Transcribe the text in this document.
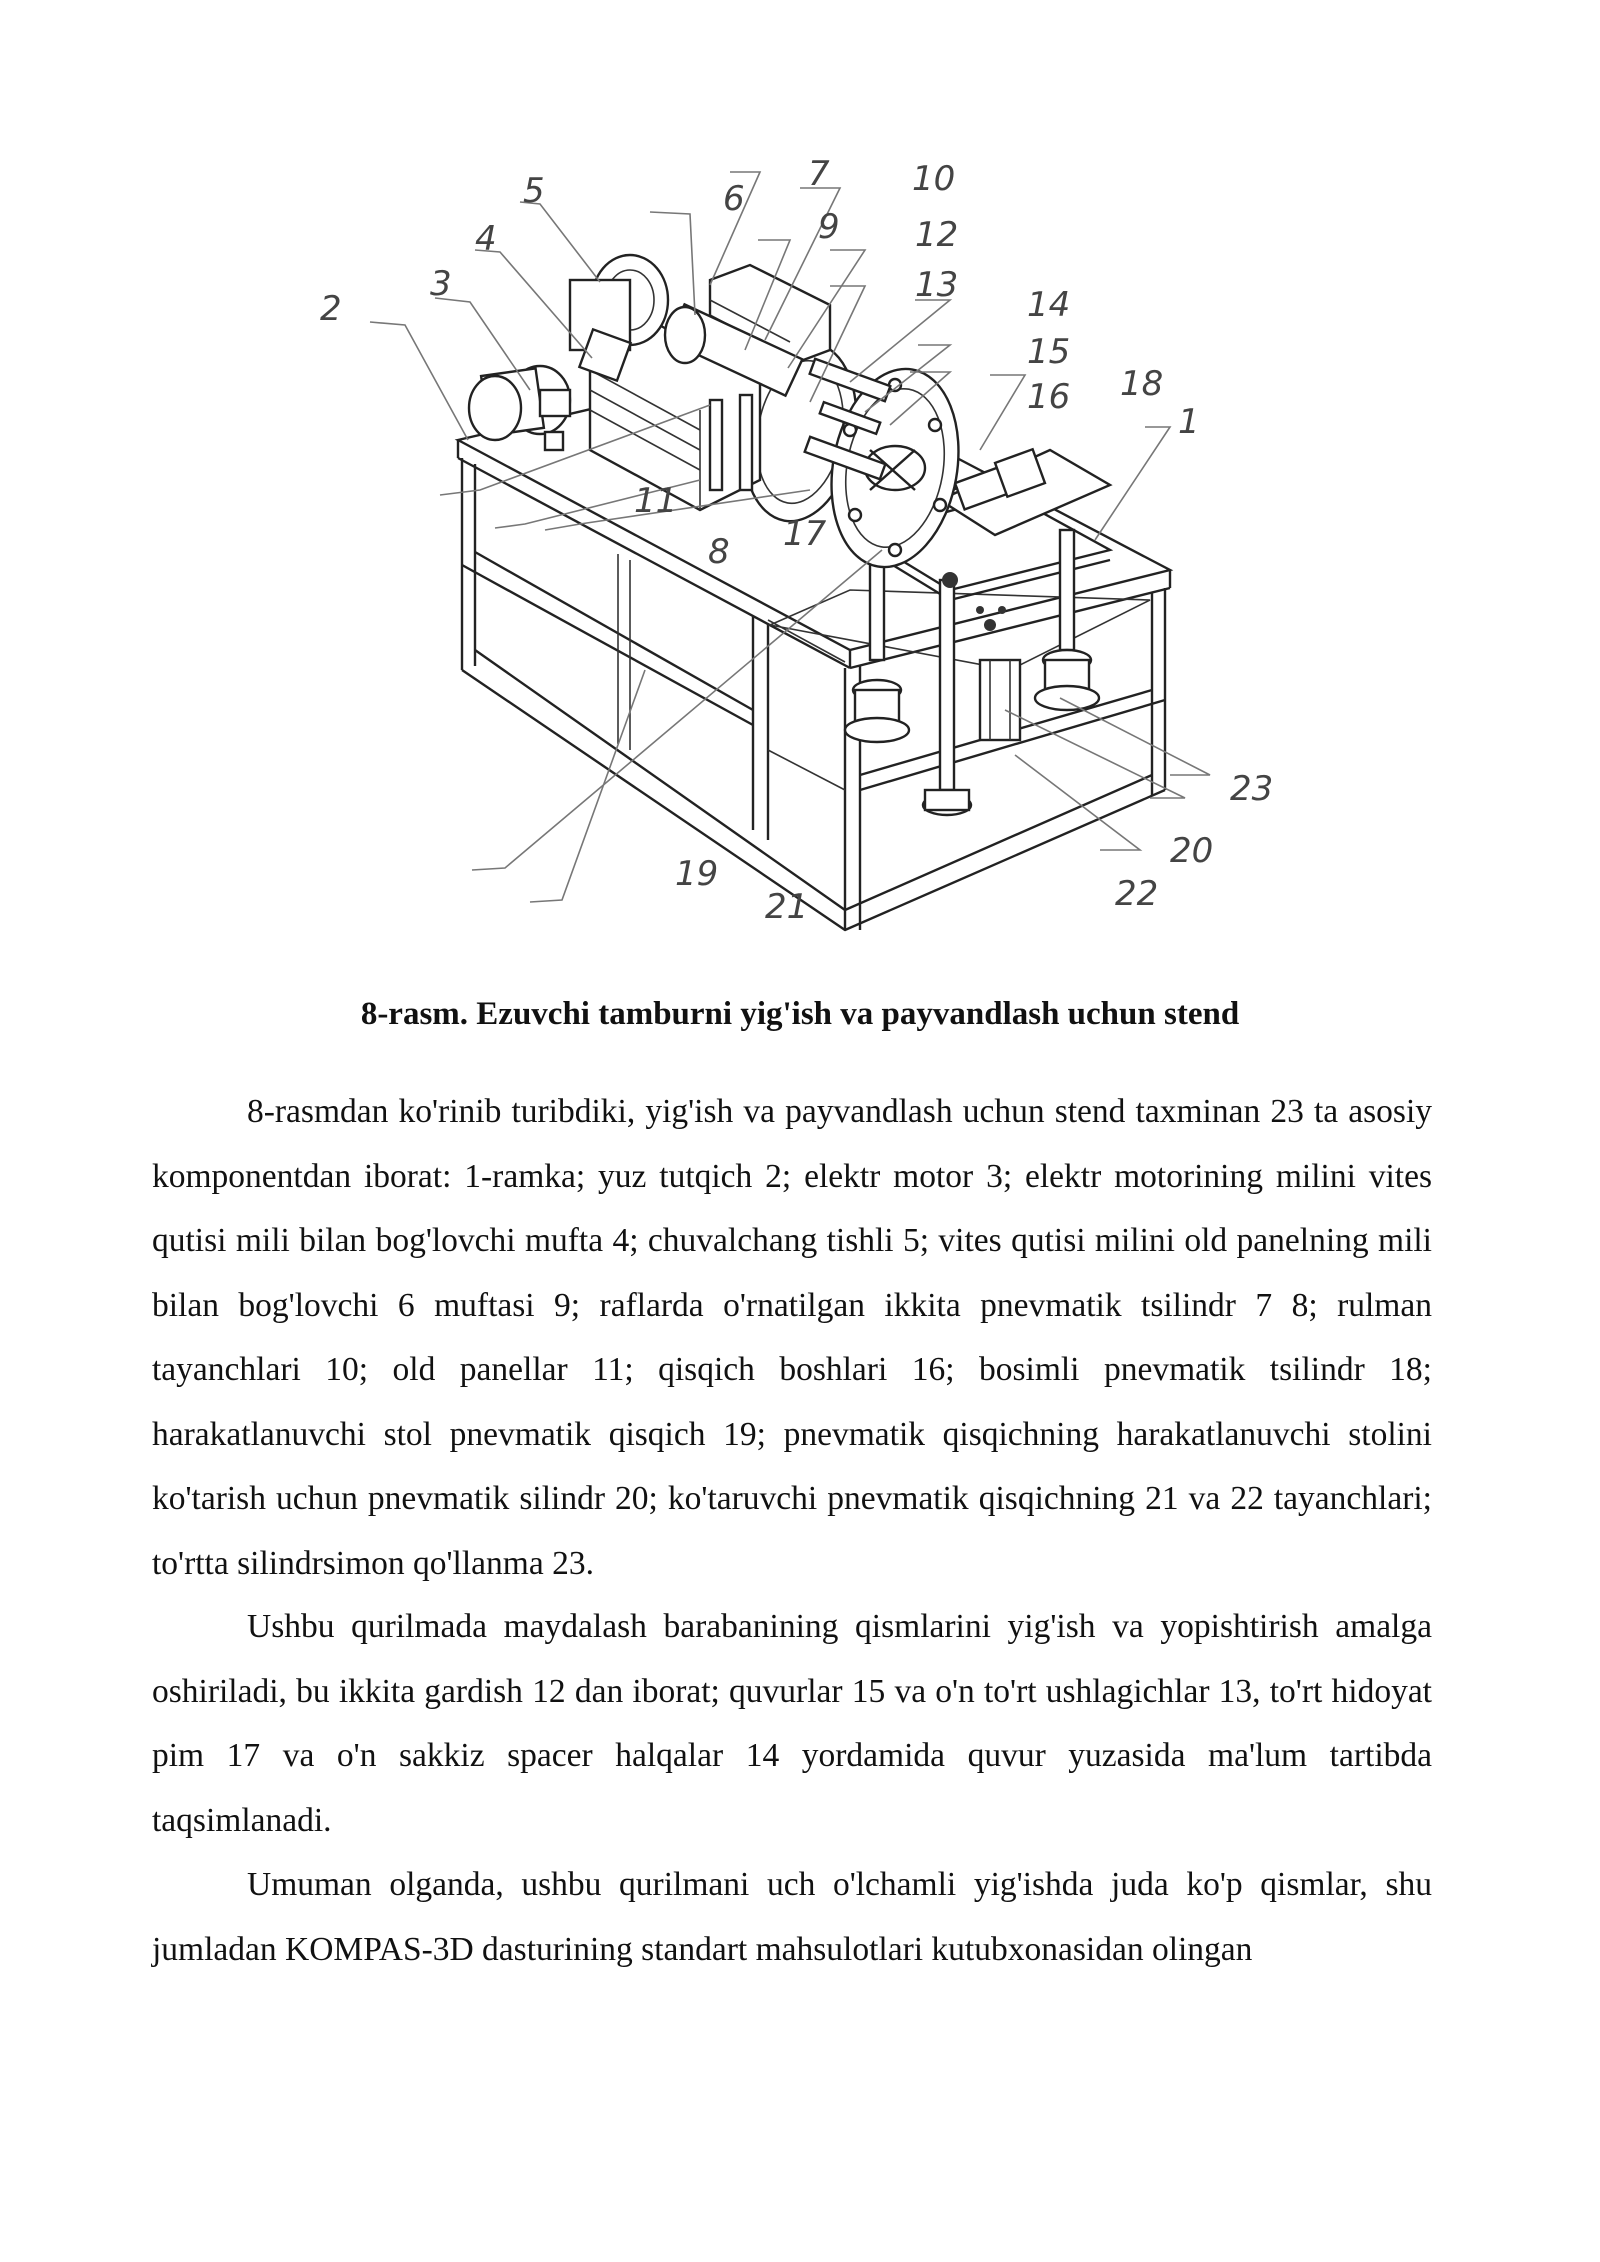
1
2
3
4
5	6
7
8
9
10
11
12
13 14
15
16
17
18
19
20
21	22
23
8-rasm. Ezuvchi tamburni yig'ish va payvandlash uchun stend

8-rasmdan ko'rinib turibdiki, yig'ish va payvandlash uchun stend taxminan 23 ta asosiy komponentdan iborat: 1-ramka; yuz tutqich 2; elektr motor 3; elektr motorining milini vites qutisi mili bilan bog'lovchi mufta 4; chuvalchang tishli 5; vites qutisi milini old panelning mili bilan bog'lovchi 6 muftasi 9; raflarda o'rnatilgan ikkita pnevmatik tsilindr 7 8; rulman tayanchlari 10; old panellar 11; qisqich boshlari 16; bosimli pnevmatik tsilindr 18; harakatlanuvchi stol pnevmatik qisqich 19; pnevmatik qisqichning harakatlanuvchi stolini ko'tarish uchun pnevmatik silindr 20; ko'taruvchi pnevmatik qisqichning 21 va 22 tayanchlari; to'rtta silindrsimon qo'llanma 23.

Ushbu qurilmada maydalash barabanining qismlarini yig'ish va yopishtirish amalga oshiriladi, bu ikkita gardish 12 dan iborat; quvurlar 15 va o'n to'rt ushlagichlar 13, to'rt hidoyat pim 17 va o'n sakkiz spacer halqalar 14 yordamida quvur yuzasida ma'lum tartibda taqsimlanadi.

Umuman olganda, ushbu qurilmani uch o'lchamli yig'ishda juda ko'p qismlar, shu jumladan KOMPAS-3D dasturining standart mahsulotlari kutubxonasidan olingan
